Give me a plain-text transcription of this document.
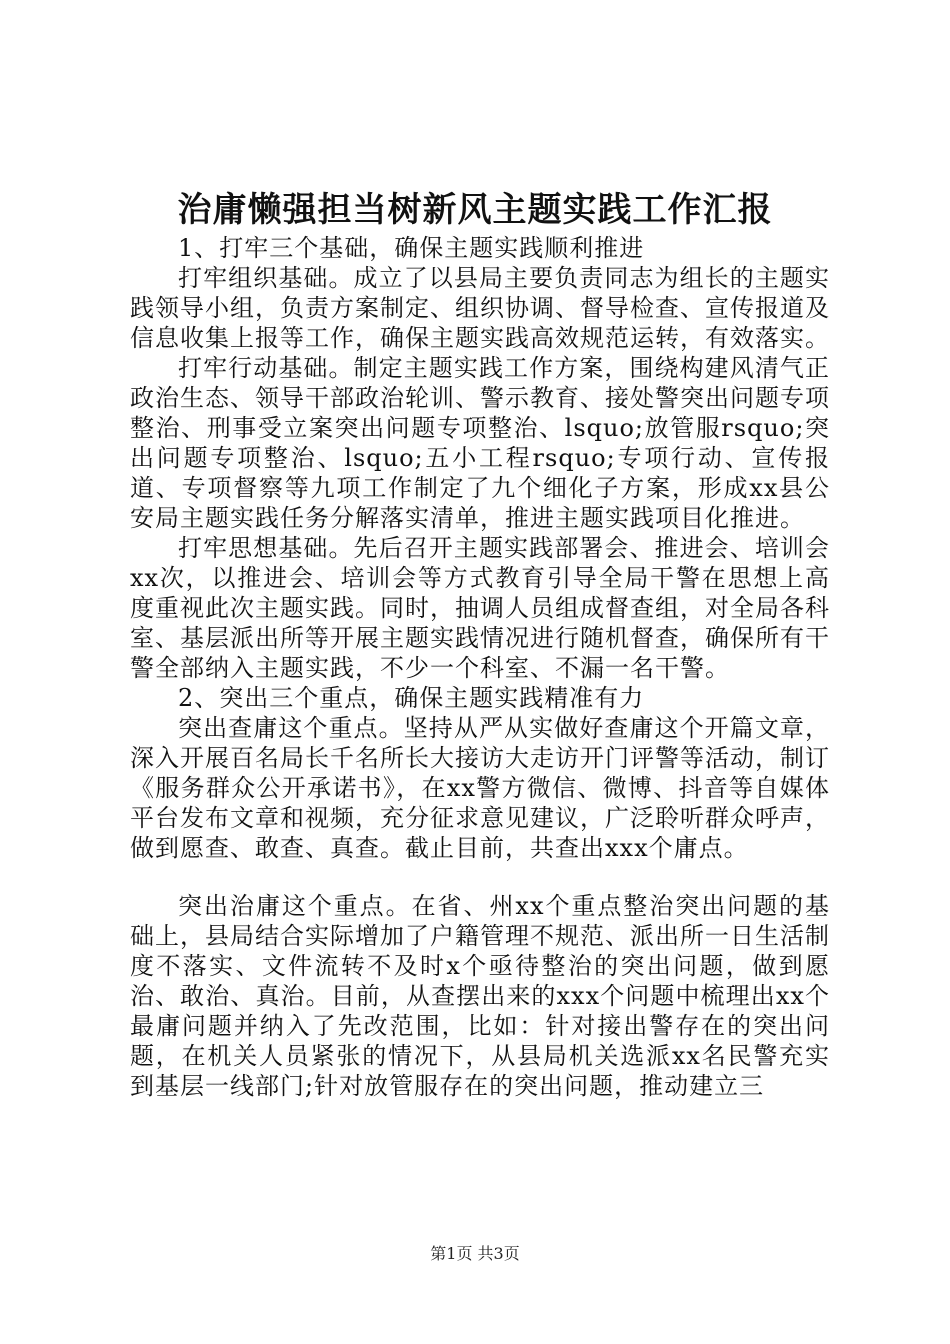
治庸懒强担当树新风主题实践工作汇报

1、打牢三个基础，确保主题实践顺利推进

打牢组织基础。成立了以县局主要负责同志为组长的主题实践领导小组，负责方案制定、组织协调、督导检查、宣传报道及信息收集上报等工作，确保主题实践高效规范运转，有效落实。

打牢行动基础。制定主题实践工作方案，围绕构建风清气正政治生态、领导干部政治轮训、警示教育、接处警突出问题专项整治、刑事受立案突出问题专项整治、lsquo;放管服rsquo;突出问题专项整治、lsquo;五小工程rsquo;专项行动、宣传报道、专项督察等九项工作制定了九个细化子方案，形成xx县公安局主题实践任务分解落实清单，推进主题实践项目化推进。

打牢思想基础。先后召开主题实践部署会、推进会、培训会xx次，以推进会、培训会等方式教育引导全局干警在思想上高度重视此次主题实践。同时，抽调人员组成督查组，对全局各科室、基层派出所等开展主题实践情况进行随机督查，确保所有干警全部纳入主题实践，不少一个科室、不漏一名干警。

2、突出三个重点，确保主题实践精准有力

突出查庸这个重点。坚持从严从实做好查庸这个开篇文章，深入开展百名局长千名所长大接访大走访开门评警等活动，制订《服务群众公开承诺书》，在xx警方微信、微博、抖音等自媒体平台发布文章和视频，充分征求意见建议，广泛聆听群众呼声，做到愿查、敢查、真查。截止目前，共查出xxx个庸点。

突出治庸这个重点。在省、州xx个重点整治突出问题的基础上，县局结合实际增加了户籍管理不规范、派出所一日生活制度不落实、文件流转不及时x个亟待整治的突出问题，做到愿治、敢治、真治。目前，从查摆出来的xxx个问题中梳理出xx个最庸问题并纳入了先改范围，比如：针对接出警存在的突出问题，在机关人员紧张的情况下，从县局机关选派xx名民警充实到基层一线部门;针对放管服存在的突出问题，推动建立三

第1页 共3页
